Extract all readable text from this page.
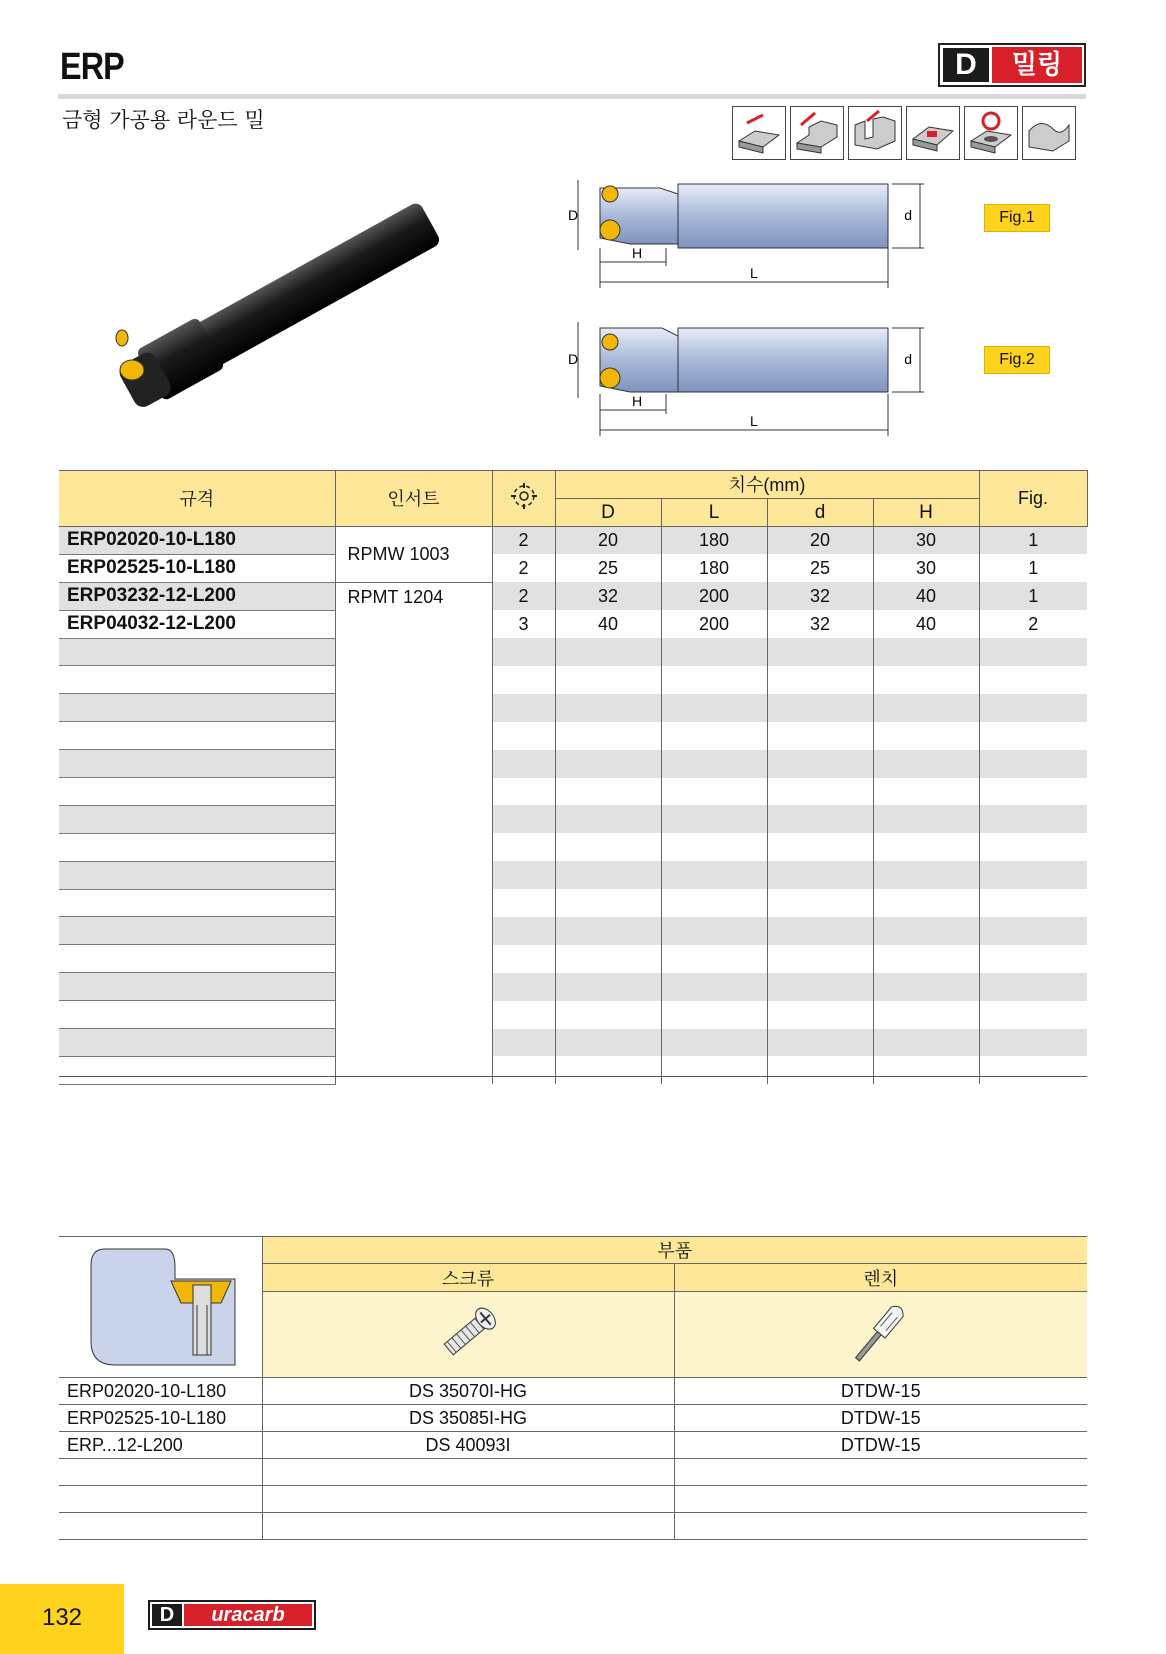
ERP
금형 가공용 라운드 밀
D	밀링
D	d
H
L
Fig.1
D	d
H
L
Fig.2
규격	인서트		치수(mm)				Fig.
			D	L	d	H	
ERP02020-10-L180	RPMW 1003	2	20	180	20	30	1
ERP02525-10-L180		2	25	180	25	30	1
ERP03232-12-L200	RPMT 1204	2	32	200	32	40	1
ERP04032-12-L200		3	40	200	32	40	2

	부품	
	스크류	렌치

ERP02020-10-L180	DS 35070I-HG	DTDW-15
ERP02525-10-L180	DS 35085I-HG	DTDW-15
ERP...12-L200	DS 40093I	DTDW-15

132	D	uracarb
